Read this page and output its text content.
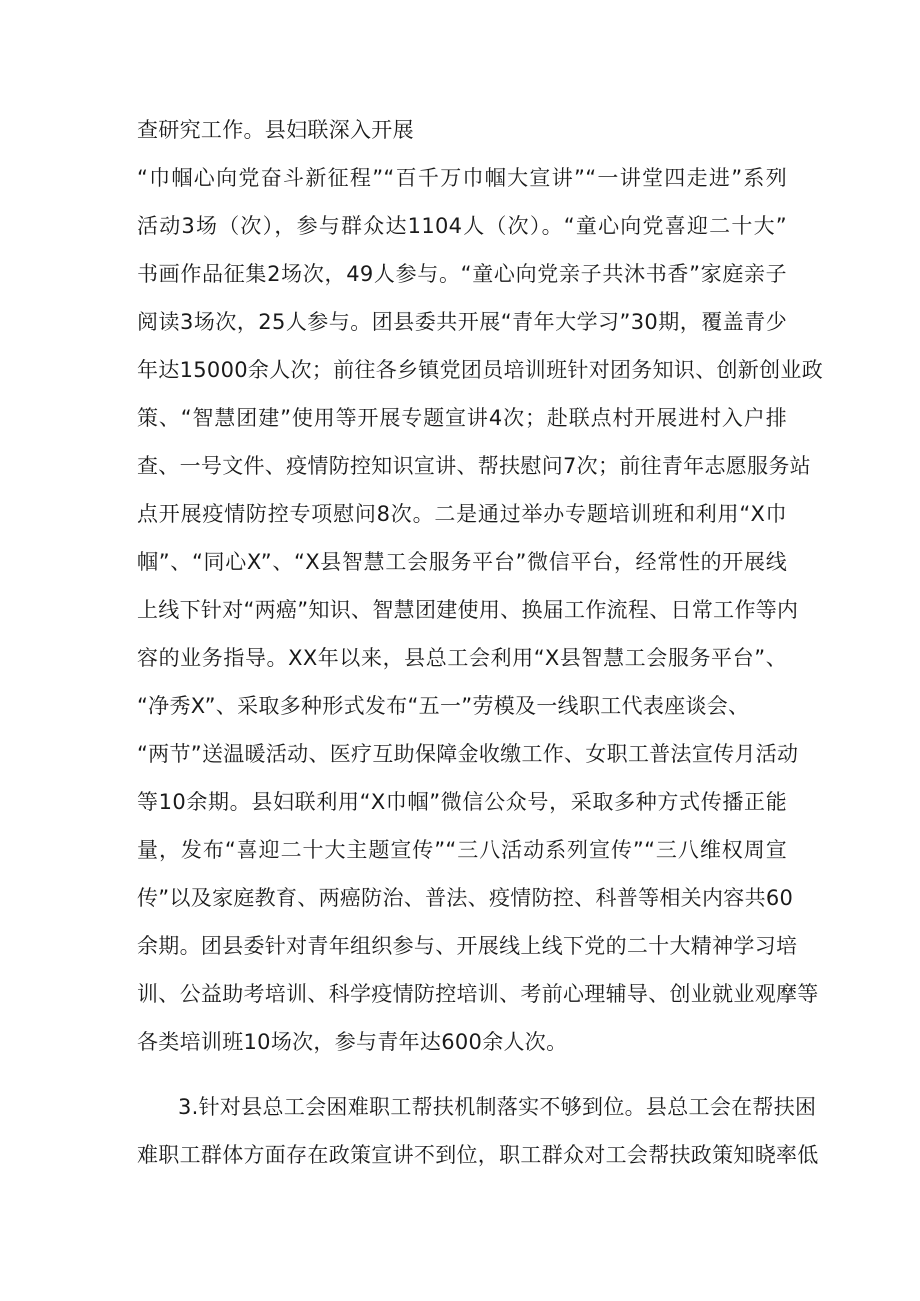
查研究工作。县妇联深入开展
“巾帼心向党奋斗新征程”“百千万巾帼大宣讲”“一讲堂四走进”系列
活动3场（次），参与群众达1104人（次）。“童心向党喜迎二十大”
书画作品征集2场次，49人参与。“童心向党亲子共沐书香”家庭亲子
阅读3场次，25人参与。团县委共开展“青年大学习”30期，覆盖青少
年达15000余人次；前往各乡镇党团员培训班针对团务知识、创新创业政
策、“智慧团建”使用等开展专题宣讲4次；赴联点村开展进村入户排
查、一号文件、疫情防控知识宣讲、帮扶慰问7次；前往青年志愿服务站
点开展疫情防控专项慰问8次。二是通过举办专题培训班和利用“X巾
帼”、“同心X”、“X县智慧工会服务平台”微信平台，经常性的开展线
上线下针对“两癌”知识、智慧团建使用、换届工作流程、日常工作等内
容的业务指导。XX年以来，县总工会利用“X县智慧工会服务平台”、
“净秀X”、采取多种形式发布“五一”劳模及一线职工代表座谈会、
“两节”送温暖活动、医疗互助保障金收缴工作、女职工普法宣传月活动
等10余期。县妇联利用“X巾帼”微信公众号，采取多种方式传播正能
量，发布“喜迎二十大主题宣传”“三八活动系列宣传”“三八维权周宣
传”以及家庭教育、两癌防治、普法、疫情防控、科普等相关内容共60
余期。团县委针对青年组织参与、开展线上线下党的二十大精神学习培
训、公益助考培训、科学疫情防控培训、考前心理辅导、创业就业观摩等
各类培训班10场次，参与青年达600余人次。
3.针对县总工会困难职工帮扶机制落实不够到位。县总工会在帮扶困
难职工群体方面存在政策宣讲不到位，职工群众对工会帮扶政策知晓率低
